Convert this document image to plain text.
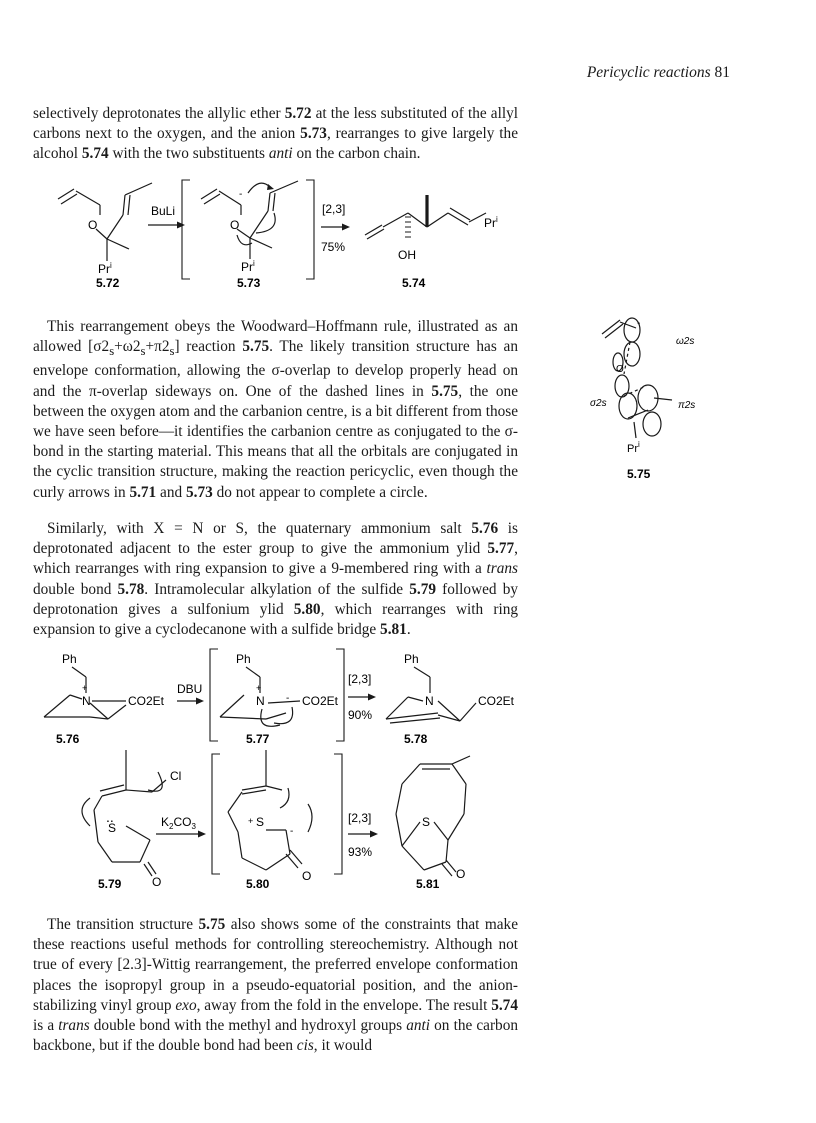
Pericyclic reactions 81

selectively deprotonates the allylic ether 5.72 at the less substituted of the allyl carbons next to the oxygen, and the anion 5.73, rearranges to give largely the alcohol 5.74 with the two substituents anti on the carbon chain.

O
Pr$^i$
5.72
BuLi
-
O
Pr$^i$
5.73
[2,3]
75%
OH
Pr$^i$
5.74

This rearrangement obeys the Woodward–Hoffmann rule, illustrated as an allowed $[\sigma 2_s+\omega 2_s+\pi 2_s]$ reaction 5.75. The likely transition structure has an envelope conformation, allowing the σ-overlap to develop properly head on and the π-overlap sideways on. One of the dashed lines in 5.75, the one between the oxygen atom and the carbanion centre, is a bit different from those we have seen before—it identifies the carbanion centre as conjugated to the σ-bond in the starting material. This means that all the orbitals are conjugated in the cyclic transition structure, making the reaction pericyclic, even though the curly arrows in 5.71 and 5.73 do not appear to complete a circle.

-
O
ω2s
σ2s	π2s
Pr$^i$
5.75

Similarly, with X = N or S, the quaternary ammonium salt 5.76 is deprotonated adjacent to the ester group to give the ammonium ylid 5.77, which rearranges with ring expansion to give a 9-membered ring with a trans double bond 5.78. Intramolecular alkylation of the sulfide 5.79 followed by deprotonation gives a sulfonium ylid 5.80, which rearranges with ring expansion to give a cyclodecanone with a sulfide bridge 5.81.

Ph
+
N	CO2Et
5.76
DBU
Ph
+
N - CO2Et
5.77
[2,3]
90%
Ph
N	CO2Et
5.78
Cl
..
S
O
5.79
$K_2CO_3$
+ S
-
O
5.80
[2,3]
93%
S
O
5.81

The transition structure 5.75 also shows some of the constraints that make these reactions useful methods for controlling stereochemistry. Although not true of every [2.3]-Wittig rearrangement, the preferred envelope conformation places the isopropyl group in a pseudo-equatorial position, and the anion-stabilizing vinyl group exo, away from the fold in the envelope. The result 5.74 is a trans double bond with the methyl and hydroxyl groups anti on the carbon backbone, but if the double bond had been cis, it would
